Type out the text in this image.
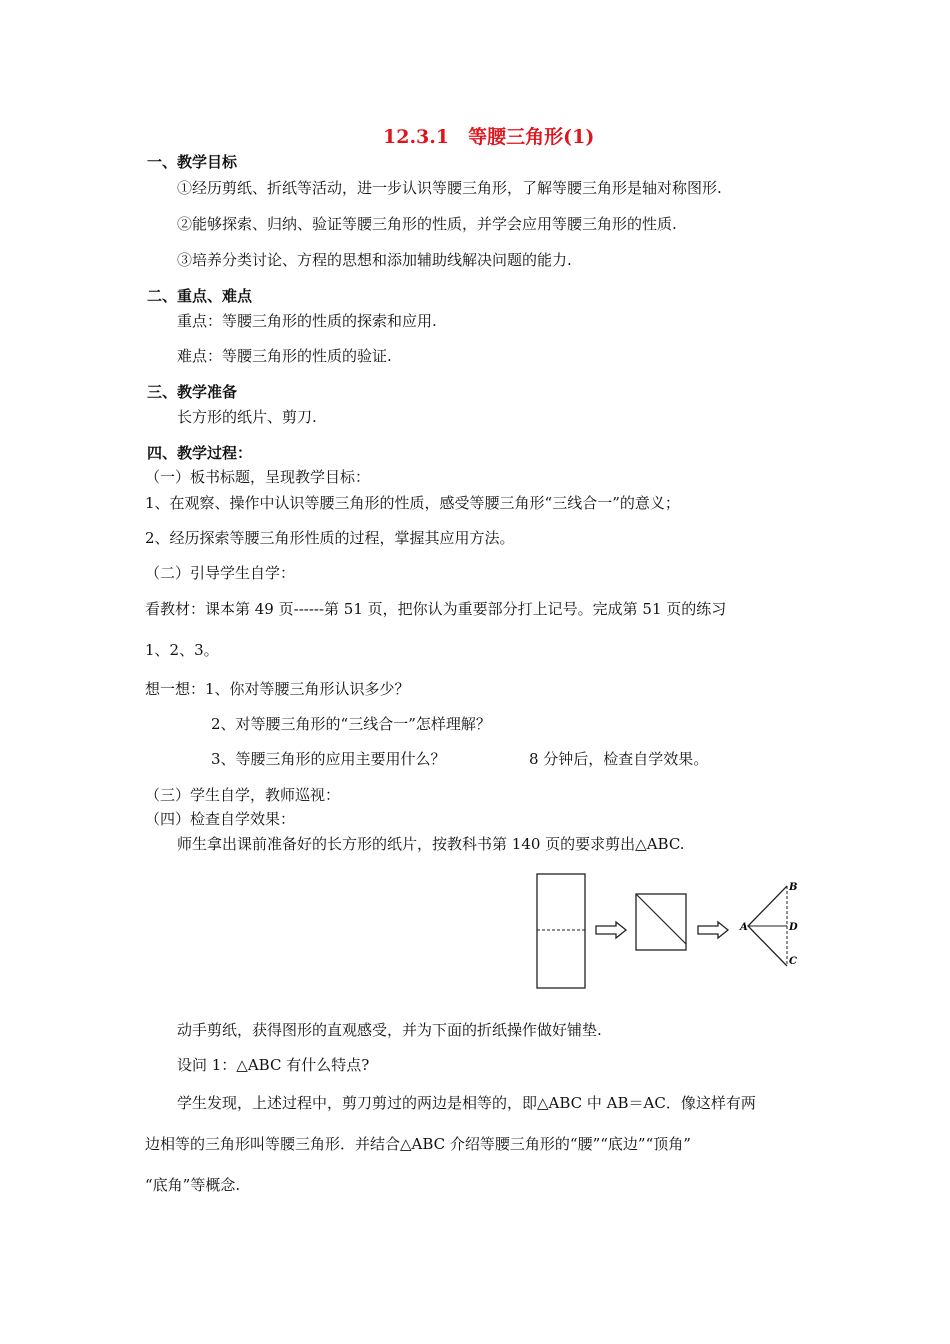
12.3.1　等腰三角形(1)
一、教学目标
①经历剪纸、折纸等活动，进一步认识等腰三角形，了解等腰三角形是轴对称图形.
②能够探索、归纳、验证等腰三角形的性质，并学会应用等腰三角形的性质.
③培养分类讨论、方程的思想和添加辅助线解决问题的能力.
二、重点、难点
重点：等腰三角形的性质的探索和应用.
难点：等腰三角形的性质的验证.
三、教学准备
长方形的纸片、剪刀.
四、教学过程：
（一）板书标题，呈现教学目标：
1、在观察、操作中认识等腰三角形的性质，感受等腰三角形“三线合一”的意义；
2、经历探索等腰三角形性质的过程，掌握其应用方法。
（二）引导学生自学：
看教材：课本第 49 页------第 51 页，把你认为重要部分打上记号。完成第 51 页的练习
1、2、3。
想一想：1、你对等腰三角形认识多少？
2、对等腰三角形的“三线合一”怎样理解？
3、等腰三角形的应用主要用什么？	8 分钟后，检查自学效果。
（三）学生自学，教师巡视：
（四）检查自学效果：
师生拿出课前准备好的长方形的纸片，按教科书第 140 页的要求剪出△ABC.
A
B
D
C
动手剪纸，获得图形的直观感受，并为下面的折纸操作做好铺垫.
设问 1：△ABC 有什么特点?
学生发现，上述过程中，剪刀剪过的两边是相等的，即△ABC 中 AB＝AC．像这样有两
边相等的三角形叫等腰三角形．并结合△ABC 介绍等腰三角形的“腰”“底边”“顶角”
“底角”等概念.
